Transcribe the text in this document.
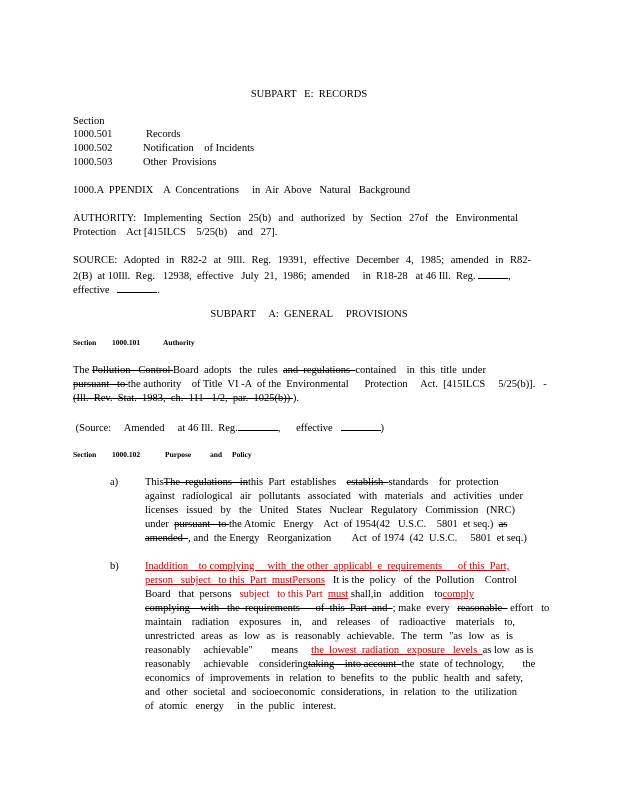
SUBPART   E:  RECORDS
Section
1000.501	Records
1000.502	Notification    of Incidents
1000.503	Other  Provisions
1000.A  PPENDIX    A  Concentrations     in  Air  Above   Natural   Background
AUTHORITY: Implementing Section 25(b) and authorized by Section 27of the Environmental
Protection    Act [415ILCS    5/25(b)    and   27].
SOURCE: Adopted in R82-2 at 9Ill. Reg. 19391, effective December 4, 1985; amended in R82-
2(B)  at 10Ill.  Reg.   12938,  effective   July  21,  1986;  amended     in  R18-28   at 46 Ill.  Reg.	,
effective	.
SUBPART     A:  GENERAL     PROVISIONS
Section 1000.101	Authority
The Pollution   Control Board  adopts   the  rules  and  regulations  contained    in  this  title  under
pursuant   to the authority    of Title  VI -A  of the  Environmental      Protection     Act.  [415ILCS     5/25(b)].   -
(Ill.  Rev.  Stat.  1983,  ch.  111   1/2,  par.  1025(b)) ).
(Source:     Amended     at 46 Ill.  Reg.	,      effective	)
Section 1000.102	Purpose	and Policy
a)	ThisThe  regulations   inthis  Part  establishes    establish  standards    for  protection
against radiological air pollutants associated with materials and activities under
licenses issued by the United States Nuclear Regulatory Commission (NRC)
under  pursuant   to the Atomic   Energy    Act  of 1954(42   U.S.C.    5801  et seq.)  as
amended  , and  the Energy   Reorganization        Act  of 1974  (42  U.S.C.     5801  et seq.)
b)	Inaddition    to complying     with  the other  applicabl  e  requirements      of this  Part,
person   subject   to this  Part  mustPersons   It is the  policy   of  the  Pollution    Control
Board   that  persons   subject   to this Part  must shall,in   addition    tocomply
complying    with   the  requirements      of  this  Part  and  ; make  every   reasonable   effort   to
maintain radiation exposures in, and releases of radioactive materials to,
unrestricted areas as low as is reasonably achievable. The term "as low as is
reasonably     achievable"       means     the  lowest  radiation   exposure   levels  as low  as is
reasonably     achievable    consideringtaking    into account  the  state  of technology,       the
economics of improvements in relation to benefits to the public health and safety,
and other societal and socioeconomic considerations, in relation to the utilization
of  atomic   energy     in  the  public   interest.
